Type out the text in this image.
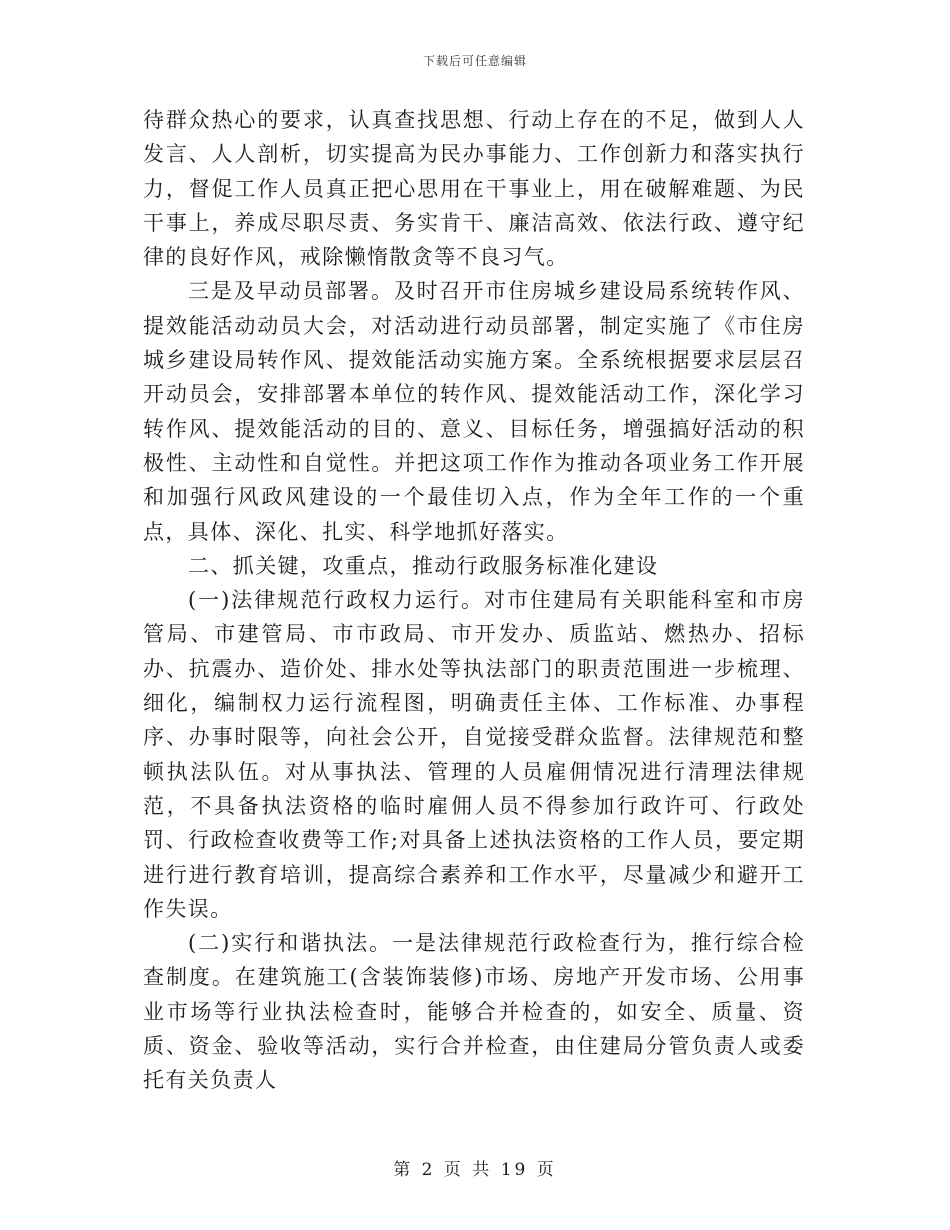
下载后可任意编辑

待群众热心的要求，认真查找思想、行动上存在的不足，做到人人发言、人人剖析，切实提高为民办事能力、工作创新力和落实执行力，督促工作人员真正把心思用在干事业上，用在破解难题、为民干事上，养成尽职尽责、务实肯干、廉洁高效、依法行政、遵守纪律的良好作风，戒除懒惰散贪等不良习气。

三是及早动员部署。及时召开市住房城乡建设局系统转作风、提效能活动动员大会，对活动进行动员部署，制定实施了《市住房城乡建设局转作风、提效能活动实施方案。全系统根据要求层层召开动员会，安排部署本单位的转作风、提效能活动工作，深化学习转作风、提效能活动的目的、意义、目标任务，增强搞好活动的积极性、主动性和自觉性。并把这项工作作为推动各项业务工作开展和加强行风政风建设的一个最佳切入点，作为全年工作的一个重点，具体、深化、扎实、科学地抓好落实。

二、抓关键，攻重点，推动行政服务标准化建设

(一)法律规范行政权力运行。对市住建局有关职能科室和市房管局、市建管局、市市政局、市开发办、质监站、燃热办、招标办、抗震办、造价处、排水处等执法部门的职责范围进一步梳理、细化，编制权力运行流程图，明确责任主体、工作标准、办事程序、办事时限等，向社会公开，自觉接受群众监督。法律规范和整顿执法队伍。对从事执法、管理的人员雇佣情况进行清理法律规范，不具备执法资格的临时雇佣人员不得参加行政许可、行政处罚、行政检查收费等工作;对具备上述执法资格的工作人员，要定期进行进行教育培训，提高综合素养和工作水平，尽量减少和避开工作失误。

(二)实行和谐执法。一是法律规范行政检查行为，推行综合检查制度。在建筑施工(含装饰装修)市场、房地产开发市场、公用事业市场等行业执法检查时，能够合并检查的，如安全、质量、资质、资金、验收等活动，实行合并检查，由住建局分管负责人或委托有关负责人

第 2 页 共 19 页
